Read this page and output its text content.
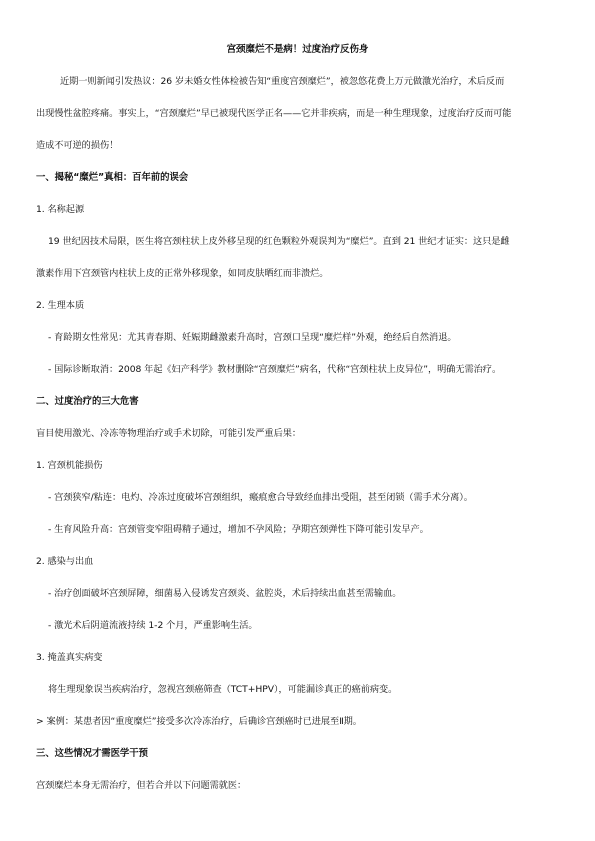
宫颈糜烂不是病！过度治疗反伤身
近期一则新闻引发热议：26 岁未婚女性体检被告知“重度宫颈糜烂”，被忽悠花费上万元做激光治疗，术后反而
出现慢性盆腔疼痛。事实上，“宫颈糜烂”早已被现代医学正名——它并非疾病，而是一种生理现象，过度治疗反而可能
造成不可逆的损伤！
一、揭秘“糜烂”真相：百年前的误会
1. 名称起源
19 世纪因技术局限，医生将宫颈柱状上皮外移呈现的红色颗粒外观误判为“糜烂”。直到 21 世纪才证实：这只是雌
激素作用下宫颈管内柱状上皮的正常外移现象，如同皮肤晒红而非溃烂。
2. 生理本质
- 育龄期女性常见：尤其青春期、妊娠期雌激素升高时，宫颈口呈现“糜烂样”外观，绝经后自然消退。
- 国际诊断取消：2008 年起《妇产科学》教材删除“宫颈糜烂”病名，代称“宫颈柱状上皮异位”，明确无需治疗。
二、过度治疗的三大危害
盲目使用激光、冷冻等物理治疗或手术切除，可能引发严重后果：
1. 宫颈机能损伤
- 宫颈狭窄/粘连：电灼、冷冻过度破坏宫颈组织，瘢痕愈合导致经血排出受阻，甚至闭锁（需手术分离）。
- 生育风险升高：宫颈管变窄阻碍精子通过，增加不孕风险；孕期宫颈弹性下降可能引发早产。
2. 感染与出血
- 治疗创面破坏宫颈屏障，细菌易入侵诱发宫颈炎、盆腔炎，术后持续出血甚至需输血。
- 激光术后阴道流液持续 1-2 个月，严重影响生活。
3. 掩盖真实病变
将生理现象误当疾病治疗，忽视宫颈癌筛查（TCT+HPV），可能漏诊真正的癌前病变。
> 案例：某患者因“重度糜烂”接受多次冷冻治疗，后确诊宫颈癌时已进展至Ⅱ期。
三、这些情况才需医学干预
宫颈糜烂本身无需治疗，但若合并以下问题需就医：
